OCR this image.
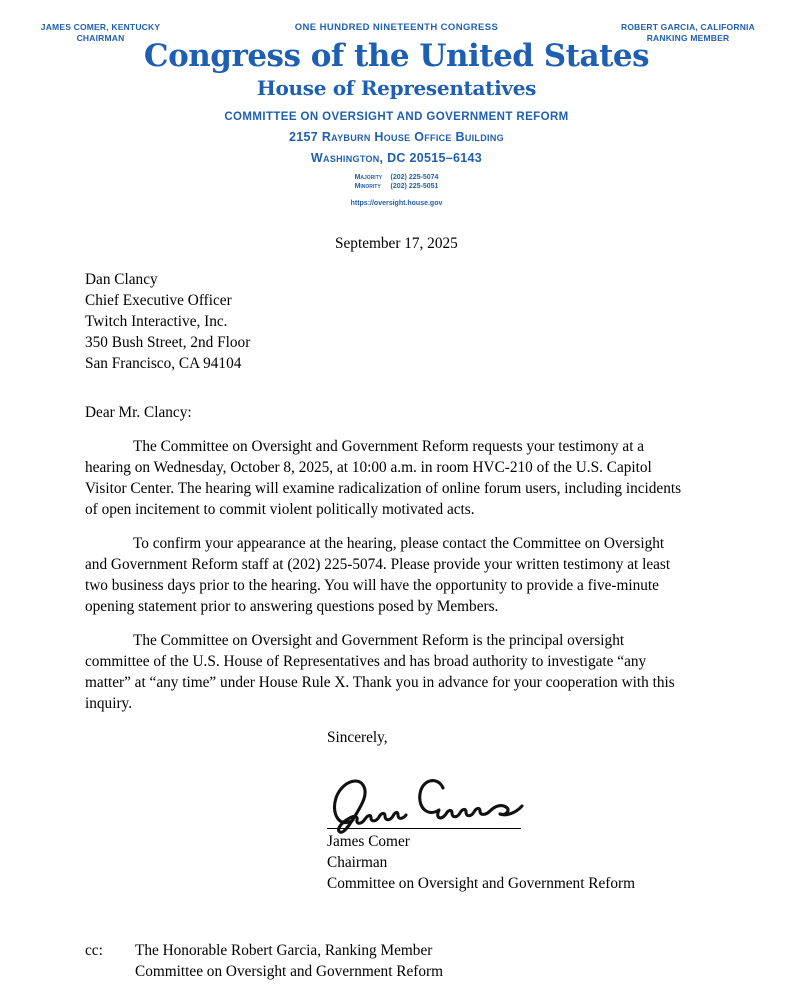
JAMES COMER, KENTUCKY
CHAIRMAN
ROBERT GARCIA, CALIFORNIA
RANKING MEMBER
ONE HUNDRED NINETEENTH CONGRESS
Congress of the United States
House of Representatives
COMMITTEE ON OVERSIGHT AND GOVERNMENT REFORM
2157 Rayburn House Office Building
Washington, DC 20515–6143
Majority (202) 225-5074
Minority (202) 225-5051
https://oversight.house.gov
September 17, 2025
Dan Clancy
Chief Executive Officer
Twitch Interactive, Inc.
350 Bush Street, 2nd Floor
San Francisco, CA 94104
Dear Mr. Clancy:
The Committee on Oversight and Government Reform requests your testimony at a
hearing on Wednesday, October 8, 2025, at 10:00 a.m. in room HVC-210 of the U.S. Capitol
Visitor Center. The hearing will examine radicalization of online forum users, including incidents
of open incitement to commit violent politically motivated acts.
To confirm your appearance at the hearing, please contact the Committee on Oversight
and Government Reform staff at (202) 225-5074. Please provide your written testimony at least
two business days prior to the hearing. You will have the opportunity to provide a five-minute
opening statement prior to answering questions posed by Members.
The Committee on Oversight and Government Reform is the principal oversight
committee of the U.S. House of Representatives and has broad authority to investigate “any
matter” at “any time” under House Rule X. Thank you in advance for your cooperation with this
inquiry.
Sincerely,
James Comer
Chairman
Committee on Oversight and Government Reform
cc:	The Honorable Robert Garcia, Ranking Member
Committee on Oversight and Government Reform
